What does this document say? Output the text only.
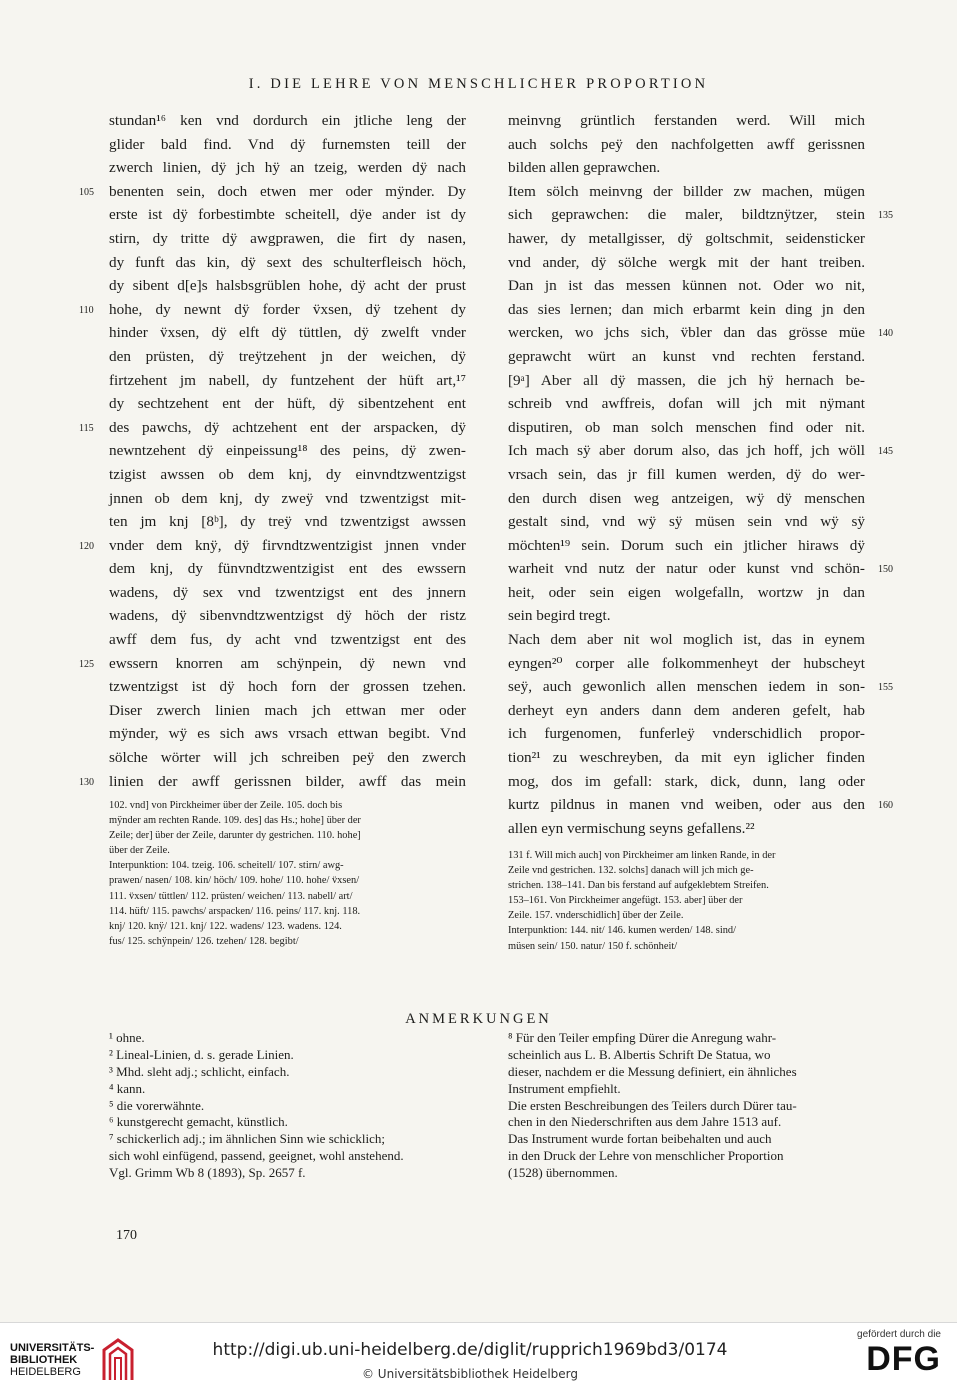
I. DIE LEHRE VON MENSCHLICHER PROPORTION
stundan¹⁶ ken vnd dordurch ein jtliche leng der
glider bald find. Vnd dÿ furnemsten teill der
zwerch linien, dÿ jch hÿ an tzeig, werden dÿ nach
benenten sein, doch etwen mer oder mÿnder. Dy
105
erste ist dÿ forbestimbte scheitell, dÿe ander ist dy
stirn, dy tritte dÿ awgprawen, die firt dy nasen,
dy funft das kin, dÿ sext des schulterfleisch höch,
dy sibent d[e]s halsbsgrüblen hohe, dÿ acht der prust
hohe, dy newnt dÿ forder v̈xsen, dÿ tzehent dy
110
hinder v̈xsen, dÿ elft dÿ tüttlen, dÿ zwelft vnder
den prüsten, dÿ treÿtzehent jn der weichen, dÿ
firtzehent jm nabell, dy funtzehent der hüft art,¹⁷
dy sechtzehent ent der hüft, dÿ sibentzehent ent
des pawchs, dÿ achtzehent ent der arspacken, dÿ
115
newntzehent dÿ einpeissung¹⁸ des peins, dÿ zwen-
tzigist awssen ob dem knj, dy einvndtzwentzigst
jnnen ob dem knj, dy zweÿ vnd tzwentzigst mit-
ten jm knj [8ᵇ], dy treÿ vnd tzwentzigst awssen
vnder dem knÿ, dÿ firvndtzwentzigist jnnen vnder
120
dem knj, dy fünvndtzwentzigist ent des ewssern
wadens, dÿ sex vnd tzwentzigst ent des jnnern
wadens, dÿ sibenvndtzwentzigst dÿ höch der ristz
awff dem fus, dy acht vnd tzwentzigst ent des
ewssern knorren am schÿnpein, dÿ newn vnd
125
tzwentzigst ist dÿ hoch forn der grossen tzehen.
Diser zwerch linien mach jch ettwan mer oder
mÿnder, wÿ es sich aws vrsach ettwan begibt. Vnd
sölche wörter will jch schreiben peÿ den zwerch
linien der awff gerissnen bilder, awff das mein
130
meinvng grüntlich ferstanden werd. Will mich
auch solchs peÿ den nachfolgetten awff gerissnen
bilden allen geprawchen.
Item sölch meinvng der billder zw machen, mügen
sich geprawchen: die maler, bildtznÿtzer, stein 135
hawer, dy metallgisser, dÿ goltschmit, seidensticker
vnd ander, dÿ sölche wergk mit der hant treiben.
Dan jn ist das messen künnen not. Oder wo nit,
das sies lernen; dan mich erbarmt kein ding jn den
wercken, wo jchs sich, v̈bler dan das grösse müe 140
geprawcht würt an kunst vnd rechten ferstand.
[9ᵃ] Aber all dÿ massen, die jch hÿ hernach be-
schreib vnd awffreis, dofan will jch mit nÿmant
disputiren, ob man solch menschen find oder nit.
Ich mach sÿ aber dorum also, das jch hoff, jch wöll 145
vrsach sein, das jr fill kumen werden, dÿ do wer-
den durch disen weg antzeigen, wÿ dÿ menschen
gestalt sind, vnd wÿ sÿ müsen sein vnd wÿ sÿ
möchten¹⁹ sein. Dorum such ein jtlicher hiraws dÿ
warheit vnd nutz der natur oder kunst vnd schön- 150
heit, oder sein eigen wolgefalln, wortzw jn dan
sein begird tregt.
Nach dem aber nit wol moglich ist, das in eynem
eyngen²⁰ corper alle folkommenheyt der hubscheyt
seÿ, auch gewonlich allen menschen iedem in son- 155
derheyt eyn anders dann dem anderen gefelt, hab
ich furgenomen, funferleÿ vnderschidlich propor-
tion²¹ zu weschreyben, da mit eyn iglicher finden
mog, dos im gefall: stark, dick, dunn, lang oder
kurtz pildnus in manen vnd weiben, oder aus den 160
allen eyn vermischung seyns gefallens.²²
102. vnd] von Pirckheimer über der Zeile. 105. doch bis
mÿnder am rechten Rande. 109. des] das Hs.; hohe] über der
Zeile; der] über der Zeile, darunter dy gestrichen. 110. hohe]
über der Zeile.
Interpunktion: 104. tzeig. 106. scheitell/ 107. stirn/ awg-
prawen/ nasen/ 108. kin/ höch/ 109. hohe/ 110. hohe/ v̈xsen/
111. v̈xsen/ tüttlen/ 112. prüsten/ weichen/ 113. nabell/ art/
114. hüft/ 115. pawchs/ arspacken/ 116. peins/ 117. knj. 118.
knj/ 120. knÿ/ 121. knj/ 122. wadens/ 123. wadens. 124.
fus/ 125. schÿnpein/ 126. tzehen/ 128. begibt/
131 f. Will mich auch] von Pirckheimer am linken Rande, in der
Zeile vnd gestrichen. 132. solchs] danach will jch mich ge-
strichen. 138–141. Dan bis ferstand auf aufgeklebtem Streifen.
153–161. Von Pirckheimer angefügt. 153. aber] über der
Zeile. 157. vnderschidlich] über der Zeile.
Interpunktion: 144. nit/ 146. kumen werden/ 148. sind/
müsen sein/ 150. natur/ 150 f. schönheit/
ANMERKUNGEN
¹ ohne.
² Lineal-Linien, d. s. gerade Linien.
³ Mhd. sleht adj.; schlicht, einfach.
⁴ kann.
⁵ die vorerwähnte.
⁶ kunstgerecht gemacht, künstlich.
⁷ schickerlich adj.; im ähnlichen Sinn wie schicklich;
sich wohl einfügend, passend, geeignet, wohl anstehend.
Vgl. Grimm Wb 8 (1893), Sp. 2657 f.
⁸ Für den Teiler empfing Dürer die Anregung wahr-
scheinlich aus L. B. Albertis Schrift De Statua, wo
dieser, nachdem er die Messung definiert, ein ähnliches
Instrument empfiehlt.
Die ersten Beschreibungen des Teilers durch Dürer tau-
chen in den Niederschriften aus dem Jahre 1513 auf.
Das Instrument wurde fortan beibehalten und auch
in den Druck der Lehre von menschlicher Proportion
(1528) übernommen.
170
UNIVERSITÄTS-
BIBLIOTHEK
HEIDELBERG
http://digi.ub.uni-heidelberg.de/diglit/rupprich1969bd3/0174
© Universitätsbibliothek Heidelberg
gefördert durch die
DFG
